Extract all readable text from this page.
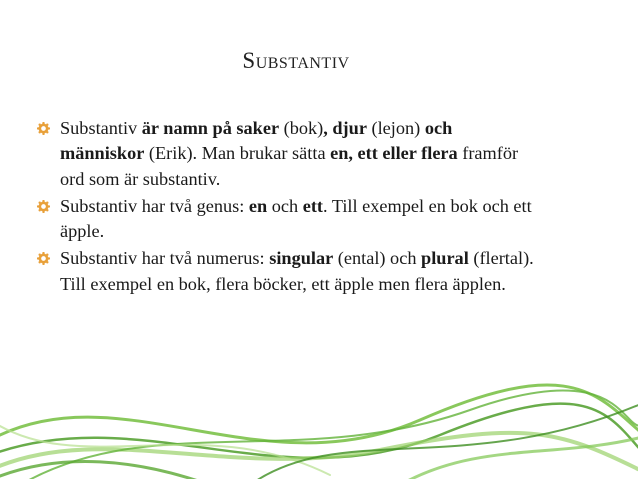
Substantiv
Substantiv är namn på saker (bok), djur (lejon) och människor (Erik). Man brukar sätta en, ett eller flera framför ord som är substantiv.
Substantiv har två genus: en och ett. Till exempel en bok och ett äpple.
Substantiv har två numerus: singular (ental) och plural (flertal). Till exempel en bok, flera böcker, ett äpple men flera äpplen.
